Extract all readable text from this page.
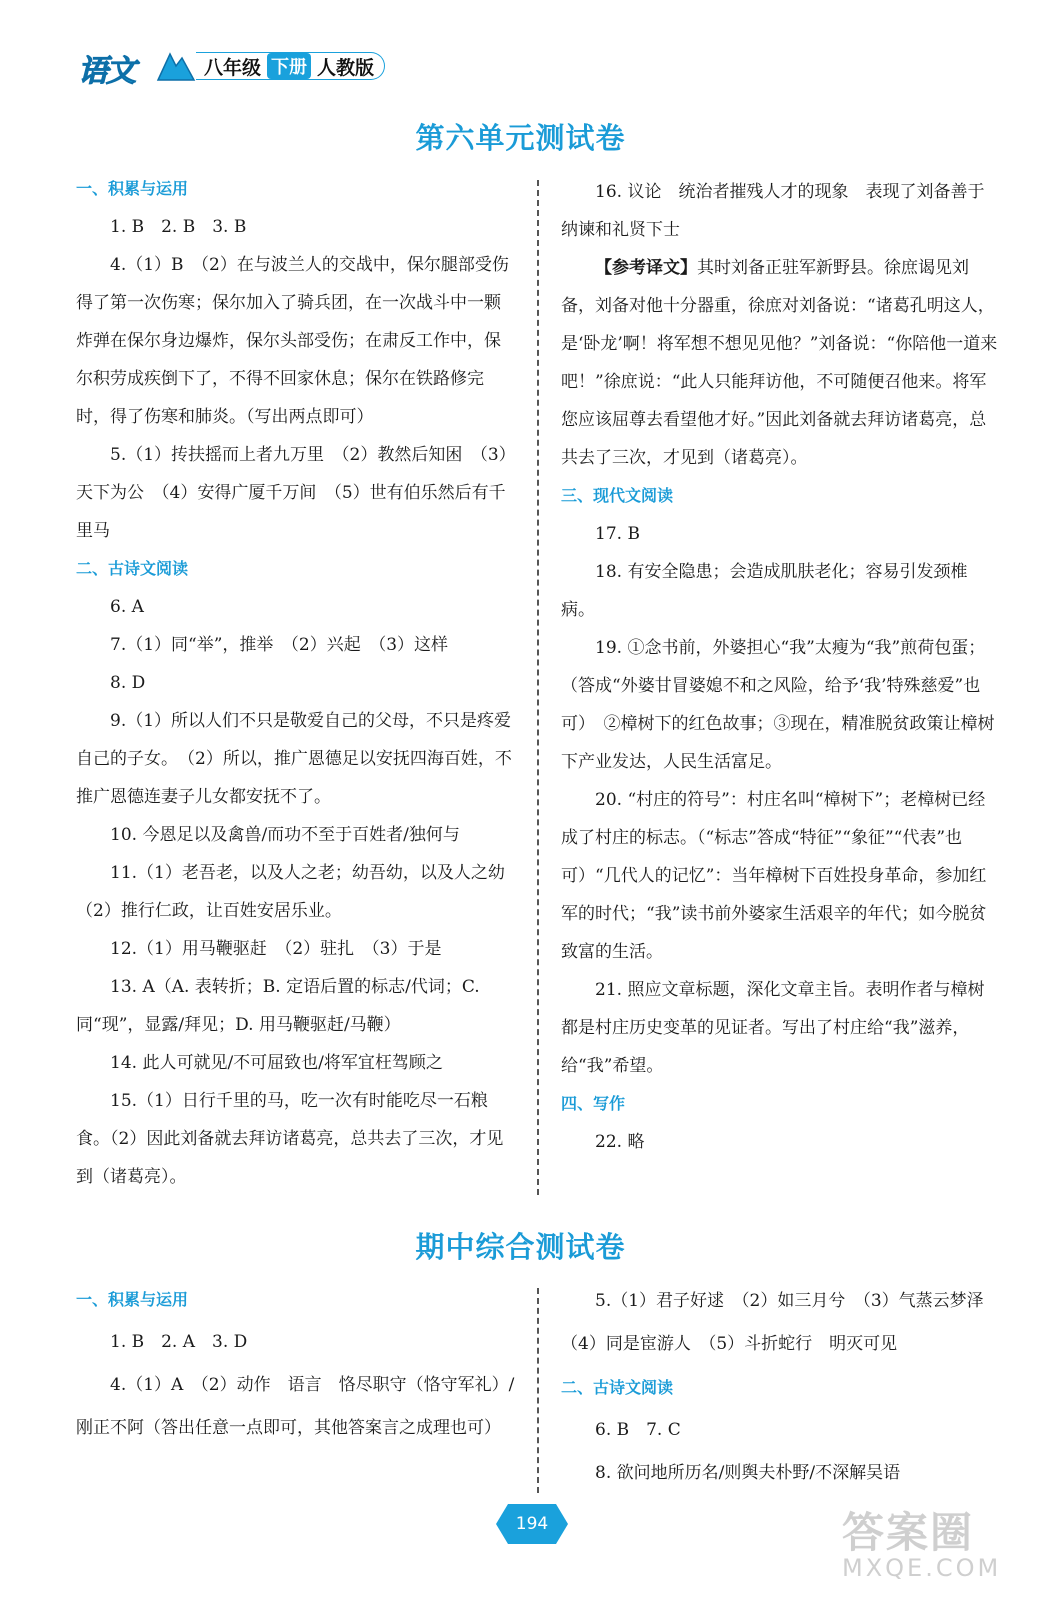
语文	八年级 下册 人教版
第六单元测试卷

一、积累与运用

1. B　2. B　3. B

4.（1）B　（2）在与波兰人的交战中，保尔腿部受伤得了第一次伤寒；保尔加入了骑兵团，在一次战斗中一颗炸弹在保尔身边爆炸，保尔头部受伤；在肃反工作中，保尔积劳成疾倒下了，不得不回家休息；保尔在铁路修完时，得了伤寒和肺炎。（写出两点即可）

5.（1）抟扶摇而上者九万里　（2）教然后知困　（3）天下为公　（4）安得广厦千万间　（5）世有伯乐然后有千里马

二、古诗文阅读

6. A

7.（1）同“举”，推举　（2）兴起　（3）这样

8. D

9.（1）所以人们不只是敬爱自己的父母，不只是疼爱自己的子女。　（2）所以，推广恩德足以安抚四海百姓，不推广恩德连妻子儿女都安抚不了。

10. 今恩足以及禽兽/而功不至于百姓者/独何与

11.（1）老吾老，以及人之老；幼吾幼，以及人之幼　（2）推行仁政，让百姓安居乐业。

12.（1）用马鞭驱赶　（2）驻扎　（3）于是

13. A（A. 表转折；B. 定语后置的标志/代词；C. 同“现”，显露/拜见；D. 用马鞭驱赶/马鞭）

14. 此人可就见/不可屈致也/将军宜枉驾顾之

15.（1）日行千里的马，吃一次有时能吃尽一石粮食。（2）因此刘备就去拜访诸葛亮，总共去了三次，才见到（诸葛亮）。

16. 议论　统治者摧残人才的现象　表现了刘备善于纳谏和礼贤下士

【参考译文】其时刘备正驻军新野县。徐庶谒见刘备，刘备对他十分器重，徐庶对刘备说：“诸葛孔明这人，是‘卧龙’啊！将军想不想见见他？”刘备说：“你陪他一道来吧！”徐庶说：“此人只能拜访他，不可随便召他来。将军您应该屈尊去看望他才好。”因此刘备就去拜访诸葛亮，总共去了三次，才见到（诸葛亮）。

三、现代文阅读

17. B

18. 有安全隐患；会造成肌肤老化；容易引发颈椎病。

19. ①念书前，外婆担心“我”太瘦为“我”煎荷包蛋；（答成“外婆甘冒婆媳不和之风险，给予‘我’特殊慈爱”也可）　②樟树下的红色故事；③现在，精准脱贫政策让樟树下产业发达，人民生活富足。

20. “村庄的符号”：村庄名叫“樟树下”；老樟树已经成了村庄的标志。（“标志”答成“特征”“象征”“代表”也可）“几代人的记忆”：当年樟树下百姓投身革命，参加红军的时代；“我”读书前外婆家生活艰辛的年代；如今脱贫致富的生活。

21. 照应文章标题，深化文章主旨。表明作者与樟树都是村庄历史变革的见证者。写出了村庄给“我”滋养，给“我”希望。

四、写作

22. 略

期中综合测试卷

一、积累与运用

1. B　2. A　3. D

4.（1）A　（2）动作　语言　恪尽职守（恪守军礼）/刚正不阿（答出任意一点即可，其他答案言之成理也可）

5.（1）君子好逑　（2）如三月兮　（3）气蒸云梦泽　（4）同是宦游人　（5）斗折蛇行　明灭可见

二、古诗文阅读

6. B　7. C

8. 欲问地所历名/则舆夫朴野/不深解吴语

194	答案圈
MXQE.COM
